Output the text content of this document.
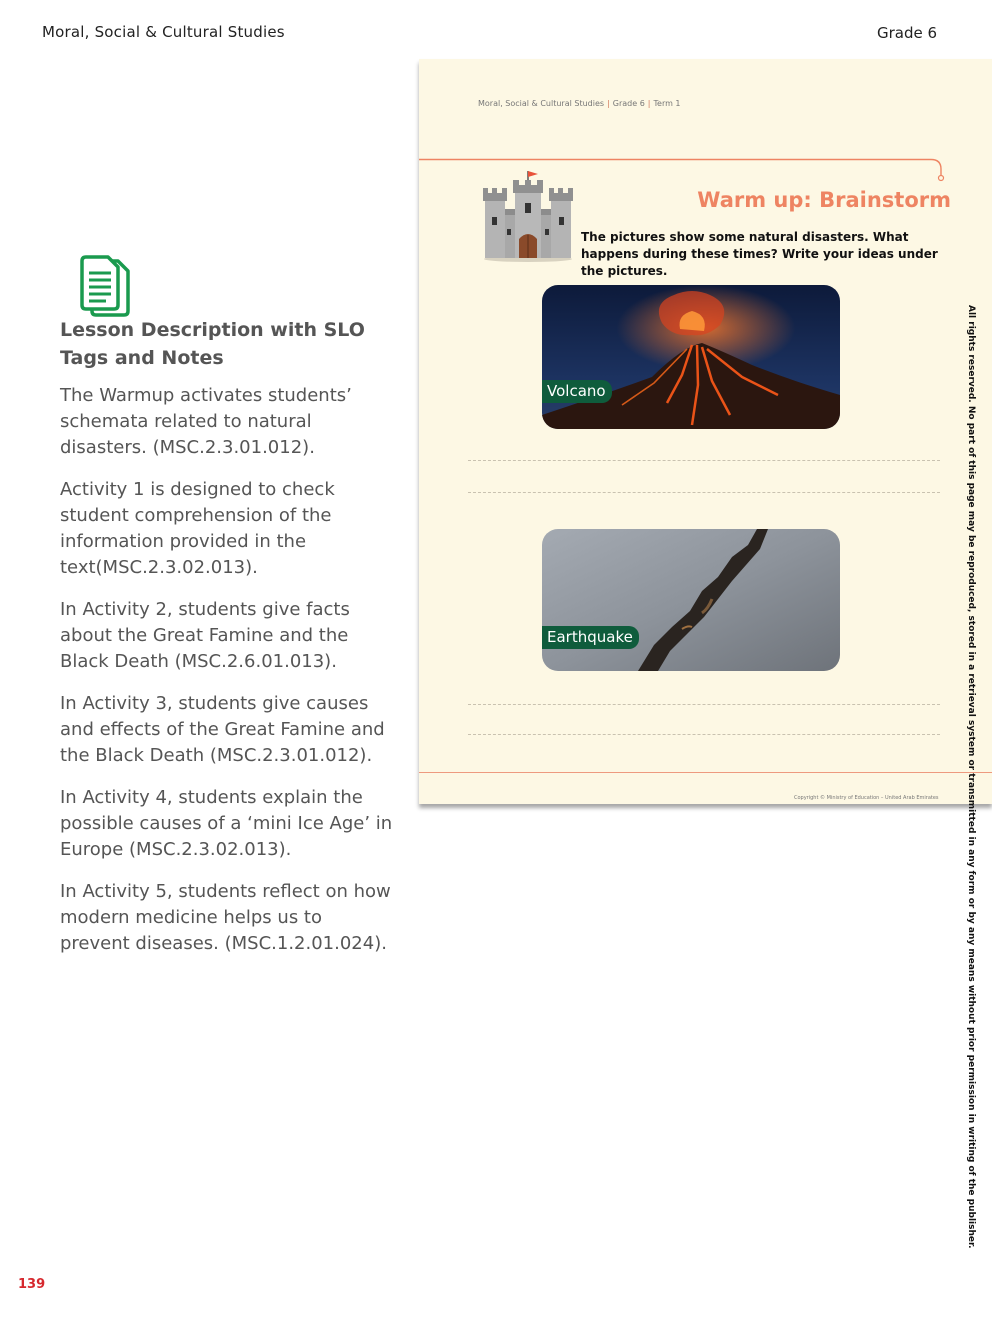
Moral, Social & Cultural Studies	Grade 6
Lesson Description with SLO Tags and Notes

The Warmup activates students’ schemata related to natural disasters. (MSC.2.3.01.012).

Activity 1 is designed to check student comprehension of the information provided in the text(MSC.2.3.02.013).

In Activity 2, students give facts about the Great Famine and the Black Death (MSC.2.6.01.013).

In Activity 3, students give causes and effects of the Great Famine and the Black Death (MSC.2.3.01.012).

In Activity 4, students explain the possible causes of a ‘mini Ice Age’ in Europe (MSC.2.3.02.013).

In Activity 5, students reflect on how modern medicine helps us to prevent diseases. (MSC.1.2.01.024).

Moral, Social & Cultural Studies | Grade 6 | Term 1
Warm up: Brainstorm
The pictures show some natural disasters. What happens during these times? Write your ideas under the pictures.
Volcano
Earthquake
Copyright © Ministry of Education – United Arab Emirates	All rights reserved. No part of this page may be reproduced, stored in a retrieval system or transmitted in any form or by any means without prior permission in writing of the publisher.
139
